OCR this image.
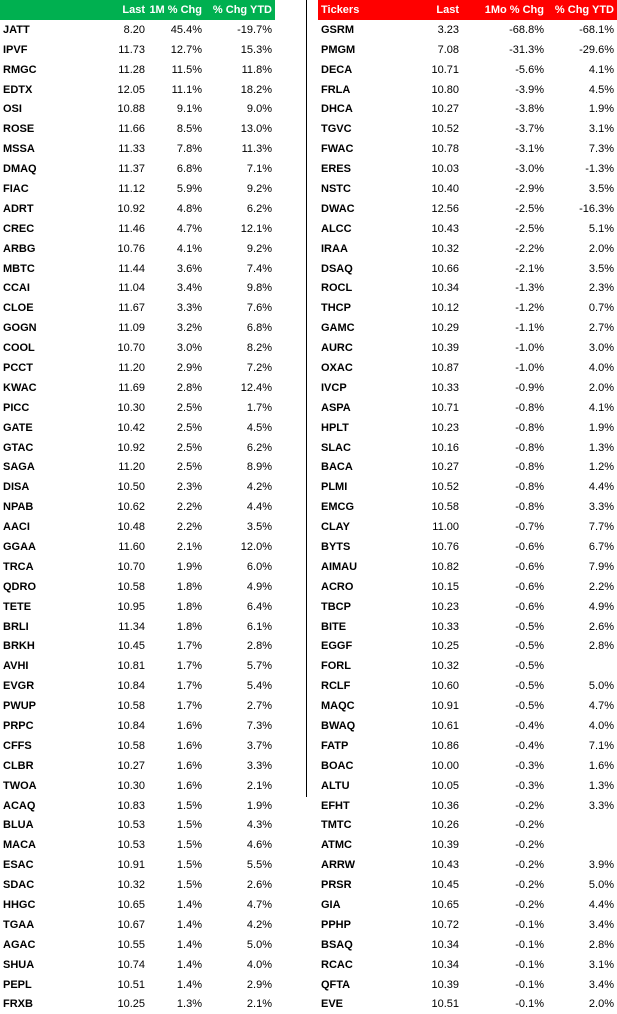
	Last	1M % Chg	% Chg YTD
JATT	8.20	45.4%	-19.7%
IPVF	11.73	12.7%	15.3%
RMGC	11.28	11.5%	11.8%
EDTX	12.05	11.1%	18.2%
OSI	10.88	9.1%	9.0%
ROSE	11.66	8.5%	13.0%
MSSA	11.33	7.8%	11.3%
DMAQ	11.37	6.8%	7.1%
FIAC	11.12	5.9%	9.2%
ADRT	10.92	4.8%	6.2%
CREC	11.46	4.7%	12.1%
ARBG	10.76	4.1%	9.2%
MBTC	11.44	3.6%	7.4%
CCAI	11.04	3.4%	9.8%
CLOE	11.67	3.3%	7.6%
GOGN	11.09	3.2%	6.8%
COOL	10.70	3.0%	8.2%
PCCT	11.20	2.9%	7.2%
KWAC	11.69	2.8%	12.4%
PICC	10.30	2.5%	1.7%
GATE	10.42	2.5%	4.5%
GTAC	10.92	2.5%	6.2%
SAGA	11.20	2.5%	8.9%
DISA	10.50	2.3%	4.2%
NPAB	10.62	2.2%	4.4%
AACI	10.48	2.2%	3.5%
GGAA	11.60	2.1%	12.0%
TRCA	10.70	1.9%	6.0%
QDRO	10.58	1.8%	4.9%
TETE	10.95	1.8%	6.4%
BRLI	11.34	1.8%	6.1%
BRKH	10.45	1.7%	2.8%
AVHI	10.81	1.7%	5.7%
EVGR	10.84	1.7%	5.4%
PWUP	10.58	1.7%	2.7%
PRPC	10.84	1.6%	7.3%
CFFS	10.58	1.6%	3.7%
CLBR	10.27	1.6%	3.3%
TWOA	10.30	1.6%	2.1%
ACAQ	10.83	1.5%	1.9%
BLUA	10.53	1.5%	4.3%
MACA	10.53	1.5%	4.6%
ESAC	10.91	1.5%	5.5%
SDAC	10.32	1.5%	2.6%
HHGC	10.65	1.4%	4.7%
TGAA	10.67	1.4%	4.2%
AGAC	10.55	1.4%	5.0%
SHUA	10.74	1.4%	4.0%
PEPL	10.51	1.4%	2.9%
FRXB	10.25	1.3%	2.1%
Tickers	Last	1Mo % Chg	% Chg YTD
GSRM	3.23	-68.8%	-68.1%
PMGM	7.08	-31.3%	-29.6%
DECA	10.71	-5.6%	4.1%
FRLA	10.80	-3.9%	4.5%
DHCA	10.27	-3.8%	1.9%
TGVC	10.52	-3.7%	3.1%
FWAC	10.78	-3.1%	7.3%
ERES	10.03	-3.0%	-1.3%
NSTC	10.40	-2.9%	3.5%
DWAC	12.56	-2.5%	-16.3%
ALCC	10.43	-2.5%	5.1%
IRAA	10.32	-2.2%	2.0%
DSAQ	10.66	-2.1%	3.5%
ROCL	10.34	-1.3%	2.3%
THCP	10.12	-1.2%	0.7%
GAMC	10.29	-1.1%	2.7%
AURC	10.39	-1.0%	3.0%
OXAC	10.87	-1.0%	4.0%
IVCP	10.33	-0.9%	2.0%
ASPA	10.71	-0.8%	4.1%
HPLT	10.23	-0.8%	1.9%
SLAC	10.16	-0.8%	1.3%
BACA	10.27	-0.8%	1.2%
PLMI	10.52	-0.8%	4.4%
EMCG	10.58	-0.8%	3.3%
CLAY	11.00	-0.7%	7.7%
BYTS	10.76	-0.6%	6.7%
AIMAU	10.82	-0.6%	7.9%
ACRO	10.15	-0.6%	2.2%
TBCP	10.23	-0.6%	4.9%
BITE	10.33	-0.5%	2.6%
EGGF	10.25	-0.5%	2.8%
FORL	10.32	-0.5%	
RCLF	10.60	-0.5%	5.0%
MAQC	10.91	-0.5%	4.7%
BWAQ	10.61	-0.4%	4.0%
FATP	10.86	-0.4%	7.1%
BOAC	10.00	-0.3%	1.6%
ALTU	10.05	-0.3%	1.3%
EFHT	10.36	-0.2%	3.3%
TMTC	10.26	-0.2%	
ATMC	10.39	-0.2%	
ARRW	10.43	-0.2%	3.9%
PRSR	10.45	-0.2%	5.0%
GIA	10.65	-0.2%	4.4%
PPHP	10.72	-0.1%	3.4%
BSAQ	10.34	-0.1%	2.8%
RCAC	10.34	-0.1%	3.1%
QFTA	10.39	-0.1%	3.4%
EVE	10.51	-0.1%	2.0%
